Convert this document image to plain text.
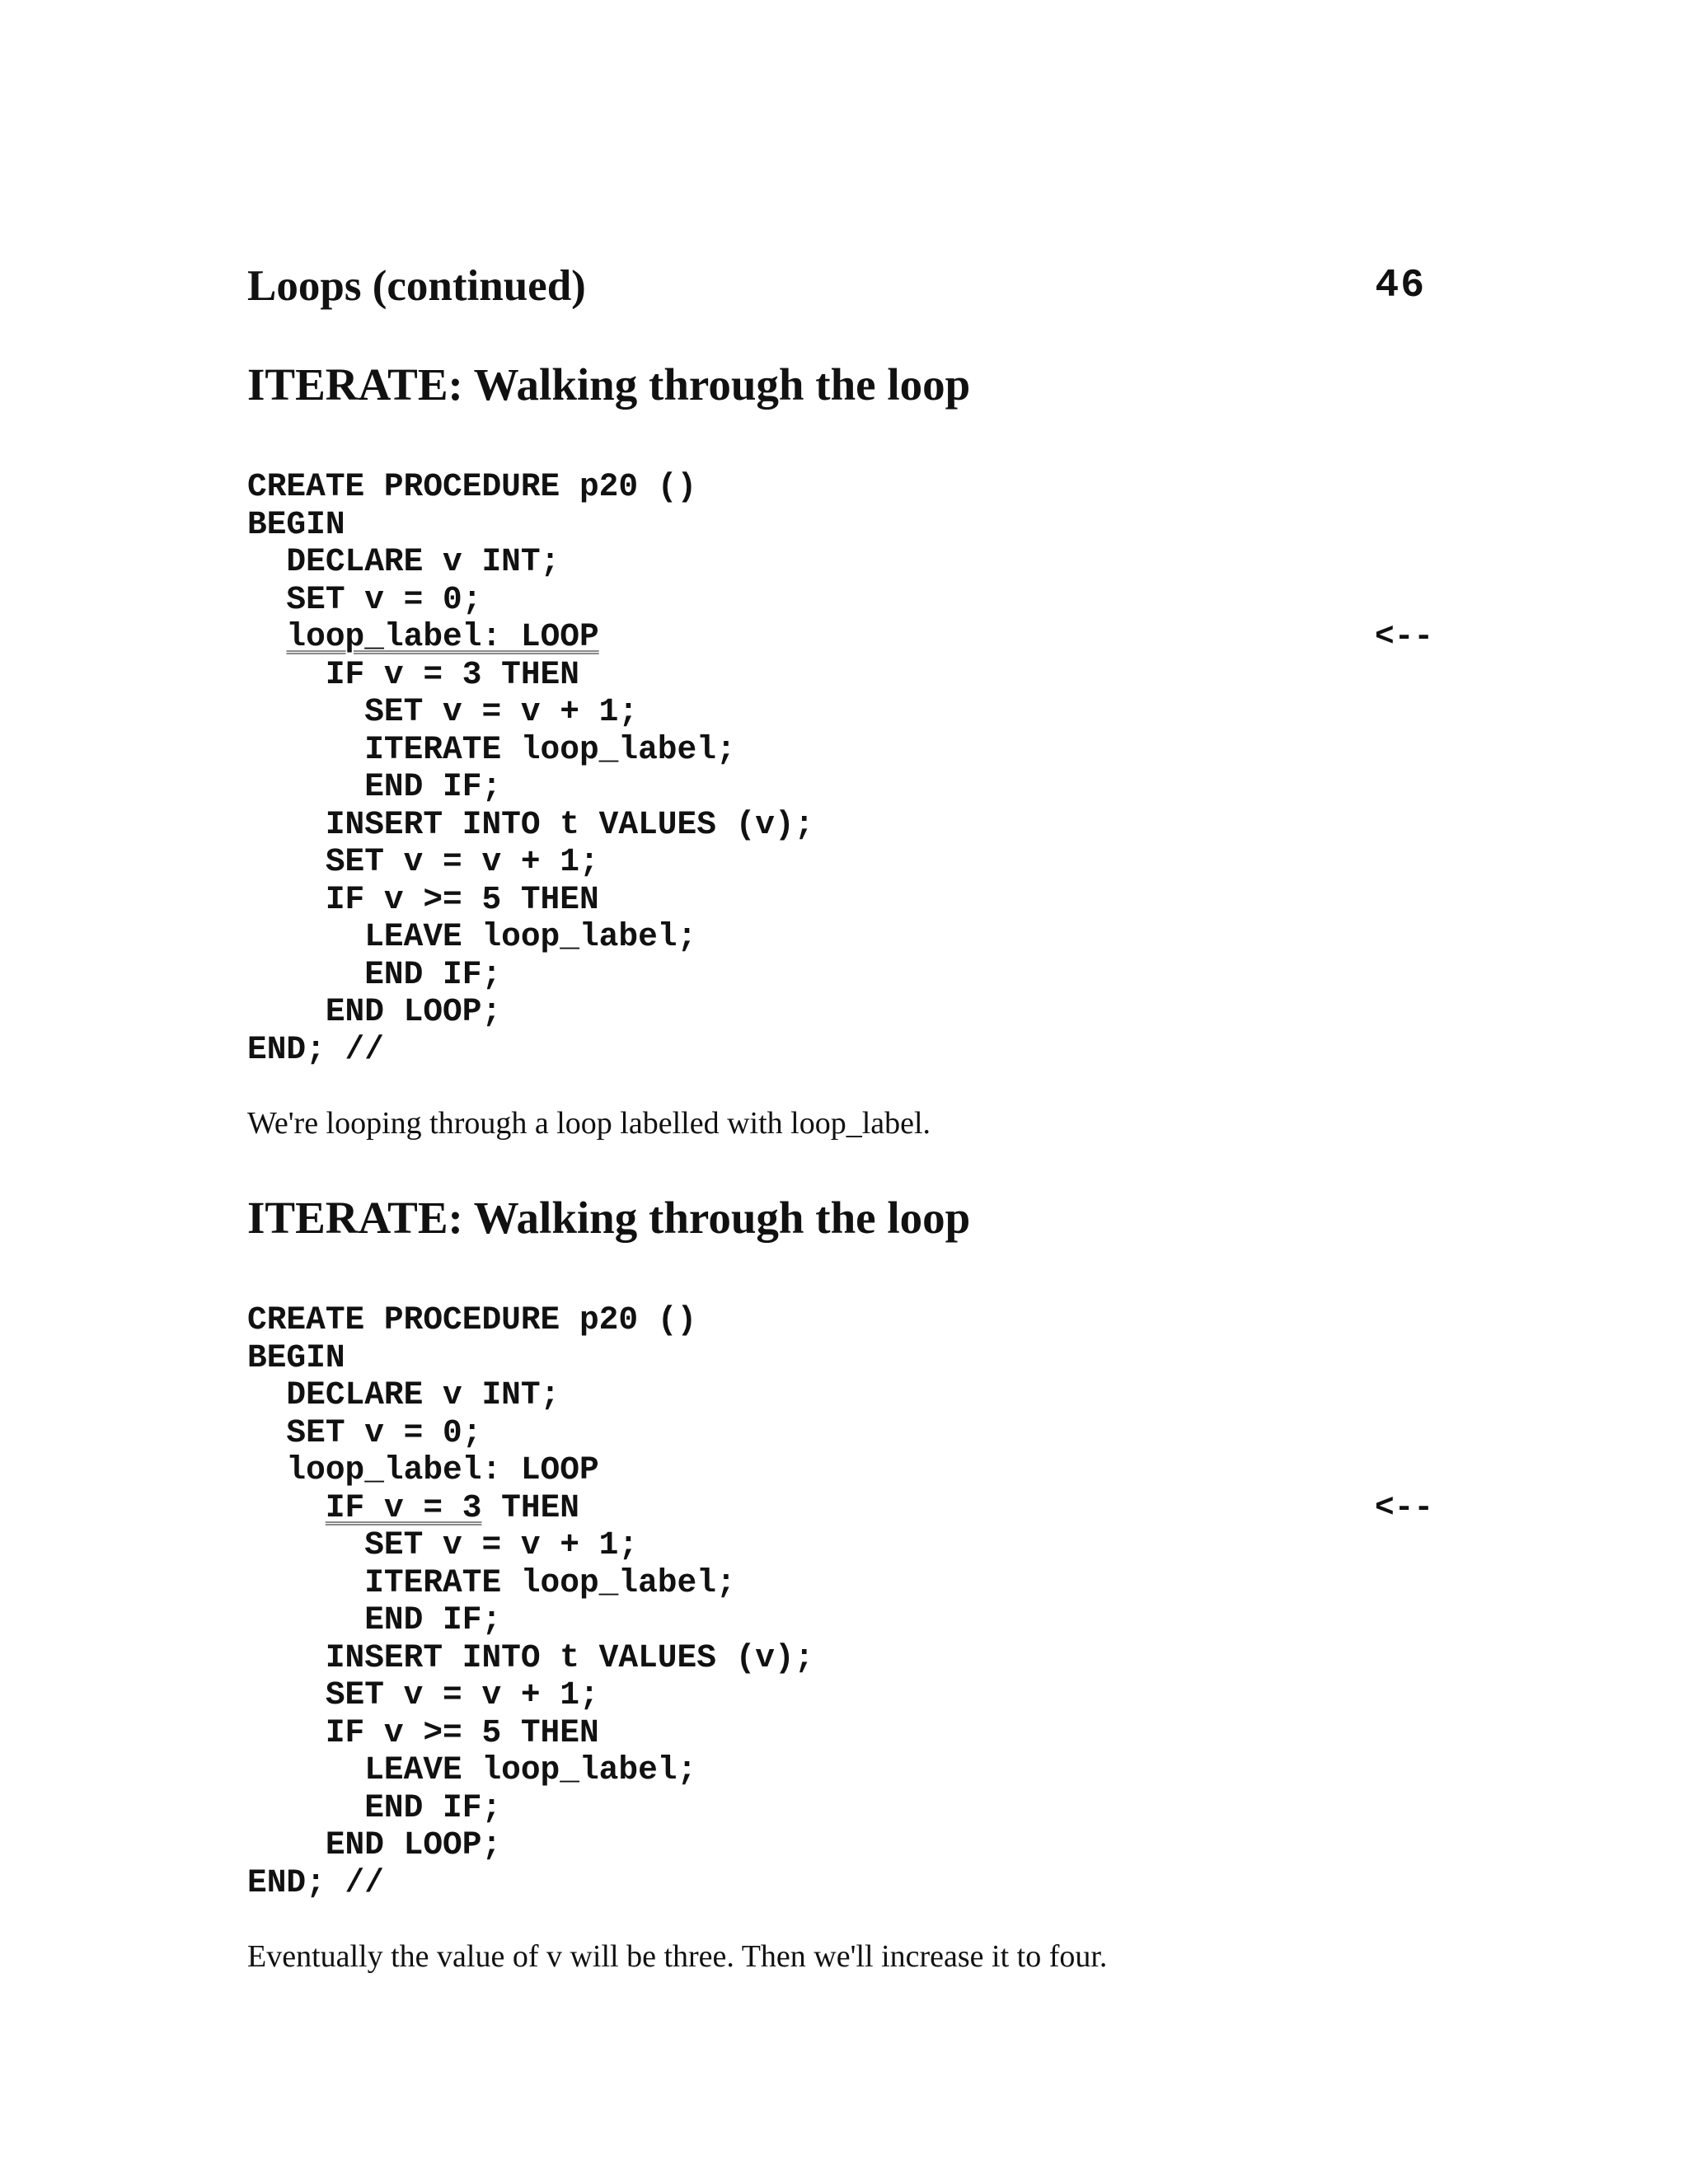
Loops (continued)	46
ITERATE: Walking through the loop
CREATE PROCEDURE p20 ()
BEGIN
DECLARE v INT;
SET v = 0;
loop_label: LOOP	<--
IF v = 3 THEN
SET v = v + 1;
ITERATE loop_label;
END IF;
INSERT INTO t VALUES (v);
SET v = v + 1;
IF v >= 5 THEN
LEAVE loop_label;
END IF;
END LOOP;
END; //

We're looping through a loop labelled with loop_label.

ITERATE: Walking through the loop
CREATE PROCEDURE p20 ()
BEGIN
DECLARE v INT;
SET v = 0;
loop_label: LOOP
IF v = 3 THEN	<--
SET v = v + 1;
ITERATE loop_label;
END IF;
INSERT INTO t VALUES (v);
SET v = v + 1;
IF v >= 5 THEN
LEAVE loop_label;
END IF;
END LOOP;
END; //

Eventually the value of v will be three. Then we'll increase it to four.
